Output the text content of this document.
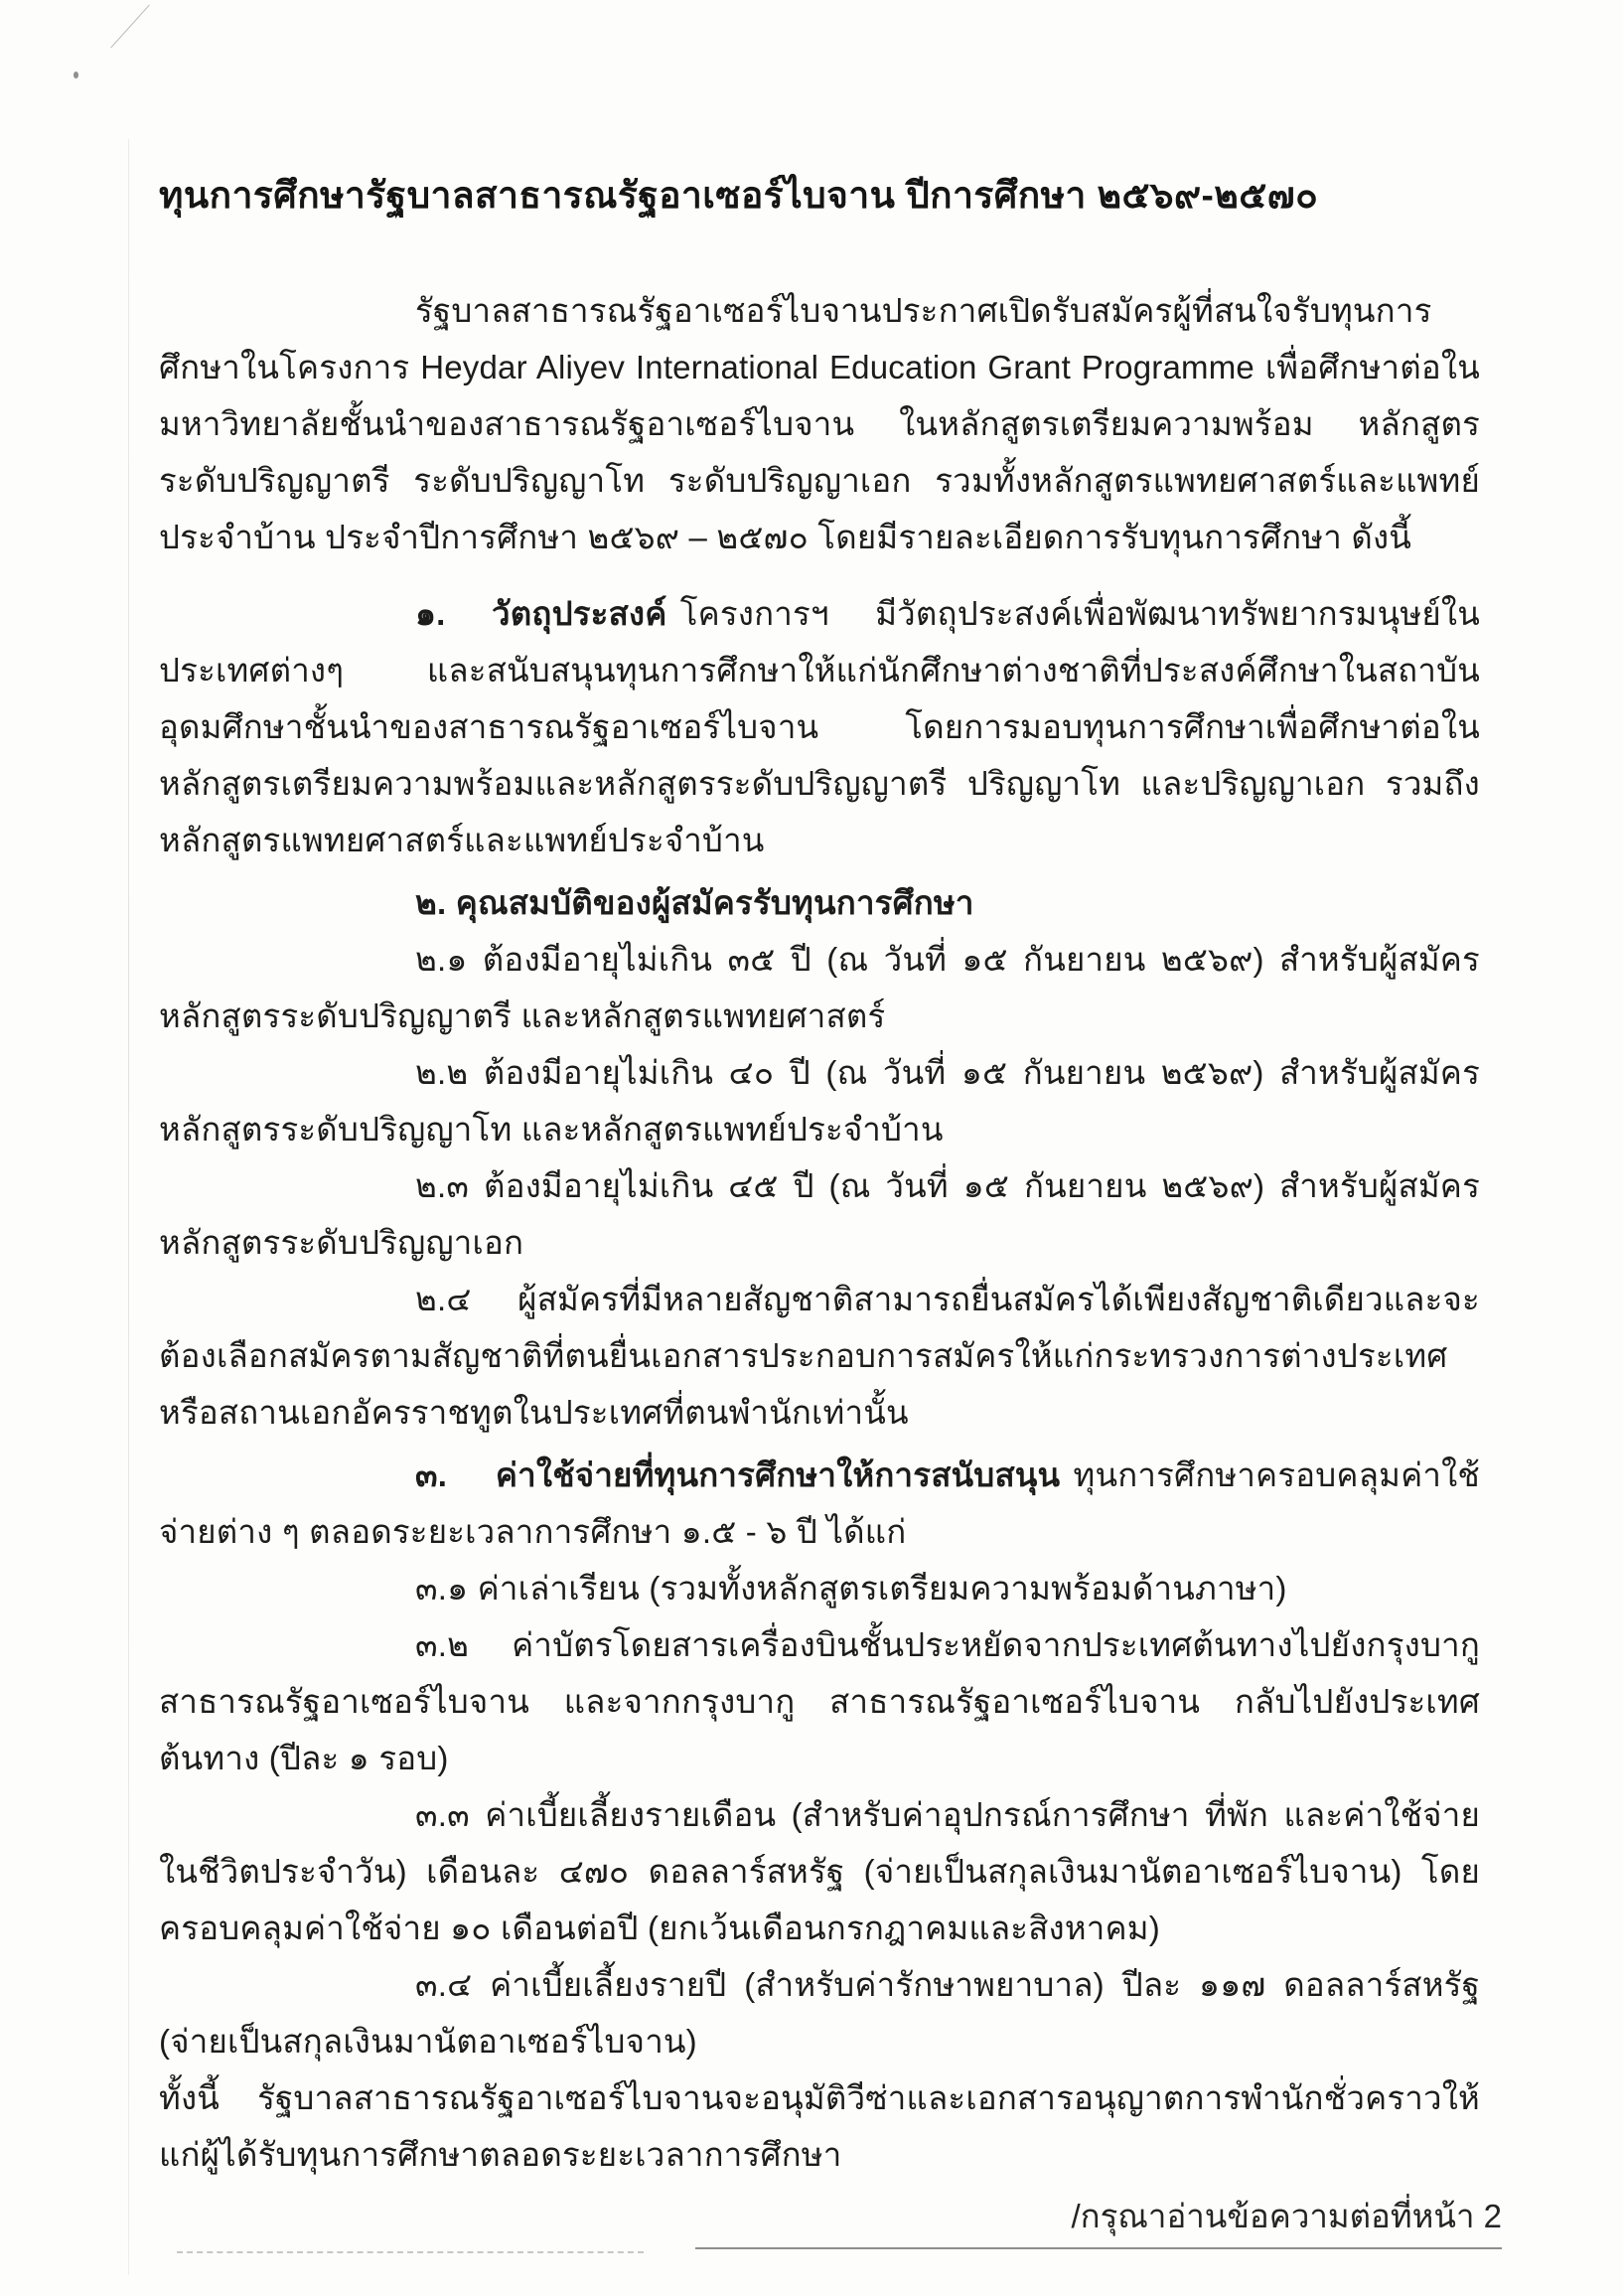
ทุนการศึกษารัฐบาลสาธารณรัฐอาเซอร์ไบจาน ปีการศึกษา ๒๕๖๙-๒๕๗๐

รัฐบาลสาธารณรัฐอาเซอร์ไบจานประกาศเปิดรับสมัครผู้ที่สนใจรับทุนการศึกษาในโครงการ Heydar Aliyev International Education Grant Programme เพื่อศึกษาต่อในมหาวิทยาลัยชั้นนำของสาธารณรัฐอาเซอร์ไบจาน ในหลักสูตรเตรียมความพร้อม หลักสูตรระดับปริญญาตรี ระดับปริญญาโท ระดับปริญญาเอก รวมทั้งหลักสูตรแพทยศาสตร์และแพทย์ประจำบ้าน ประจำปีการศึกษา ๒๕๖๙ – ๒๕๗๐ โดยมีรายละเอียดการรับทุนการศึกษา ดังนี้

๑. วัตถุประสงค์ โครงการฯ มีวัตถุประสงค์เพื่อพัฒนาทรัพยากรมนุษย์ในประเทศต่างๆ และสนับสนุนทุนการศึกษาให้แก่นักศึกษาต่างชาติที่ประสงค์ศึกษาในสถาบันอุดมศึกษาชั้นนำของสาธารณรัฐอาเซอร์ไบจาน โดยการมอบทุนการศึกษาเพื่อศึกษาต่อในหลักสูตรเตรียมความพร้อมและหลักสูตรระดับปริญญาตรี ปริญญาโท และปริญญาเอก รวมถึงหลักสูตรแพทยศาสตร์และแพทย์ประจำบ้าน

๒. คุณสมบัติของผู้สมัครรับทุนการศึกษา

๒.๑ ต้องมีอายุไม่เกิน ๓๕ ปี (ณ วันที่ ๑๕ กันยายน ๒๕๖๙) สำหรับผู้สมัครหลักสูตรระดับปริญญาตรี และหลักสูตรแพทยศาสตร์

๒.๒ ต้องมีอายุไม่เกิน ๔๐ ปี (ณ วันที่ ๑๕ กันยายน ๒๕๖๙) สำหรับผู้สมัครหลักสูตรระดับปริญญาโท และหลักสูตรแพทย์ประจำบ้าน

๒.๓ ต้องมีอายุไม่เกิน ๔๕ ปี (ณ วันที่ ๑๕ กันยายน ๒๕๖๙) สำหรับผู้สมัครหลักสูตรระดับปริญญาเอก

๒.๔ ผู้สมัครที่มีหลายสัญชาติสามารถยื่นสมัครได้เพียงสัญชาติเดียวและจะต้องเลือกสมัครตามสัญชาติที่ตนยื่นเอกสารประกอบการสมัครให้แก่กระทรวงการต่างประเทศหรือสถานเอกอัครราชทูตในประเทศที่ตนพำนักเท่านั้น

๓. ค่าใช้จ่ายที่ทุนการศึกษาให้การสนับสนุน ทุนการศึกษาครอบคลุมค่าใช้จ่ายต่าง ๆ ตลอดระยะเวลาการศึกษา ๑.๕ - ๖ ปี ได้แก่

๓.๑ ค่าเล่าเรียน (รวมทั้งหลักสูตรเตรียมความพร้อมด้านภาษา)

๓.๒ ค่าบัตรโดยสารเครื่องบินชั้นประหยัดจากประเทศต้นทางไปยังกรุงบากู สาธารณรัฐอาเซอร์ไบจาน และจากกรุงบากู สาธารณรัฐอาเซอร์ไบจาน กลับไปยังประเทศต้นทาง (ปีละ ๑ รอบ)

๓.๓ ค่าเบี้ยเลี้ยงรายเดือน (สำหรับค่าอุปกรณ์การศึกษา ที่พัก และค่าใช้จ่ายในชีวิตประจำวัน) เดือนละ ๔๗๐ ดอลลาร์สหรัฐ (จ่ายเป็นสกุลเงินมานัตอาเซอร์ไบจาน) โดยครอบคลุมค่าใช้จ่าย ๑๐ เดือนต่อปี (ยกเว้นเดือนกรกฎาคมและสิงหาคม)

๓.๔ ค่าเบี้ยเลี้ยงรายปี (สำหรับค่ารักษาพยาบาล) ปีละ ๑๑๗ ดอลลาร์สหรัฐ (จ่ายเป็นสกุลเงินมานัตอาเซอร์ไบจาน)

ทั้งนี้ รัฐบาลสาธารณรัฐอาเซอร์ไบจานจะอนุมัติวีซ่าและเอกสารอนุญาตการพำนักชั่วคราวให้แก่ผู้ได้รับทุนการศึกษาตลอดระยะเวลาการศึกษา

/กรุณาอ่านข้อความต่อที่หน้า 2
